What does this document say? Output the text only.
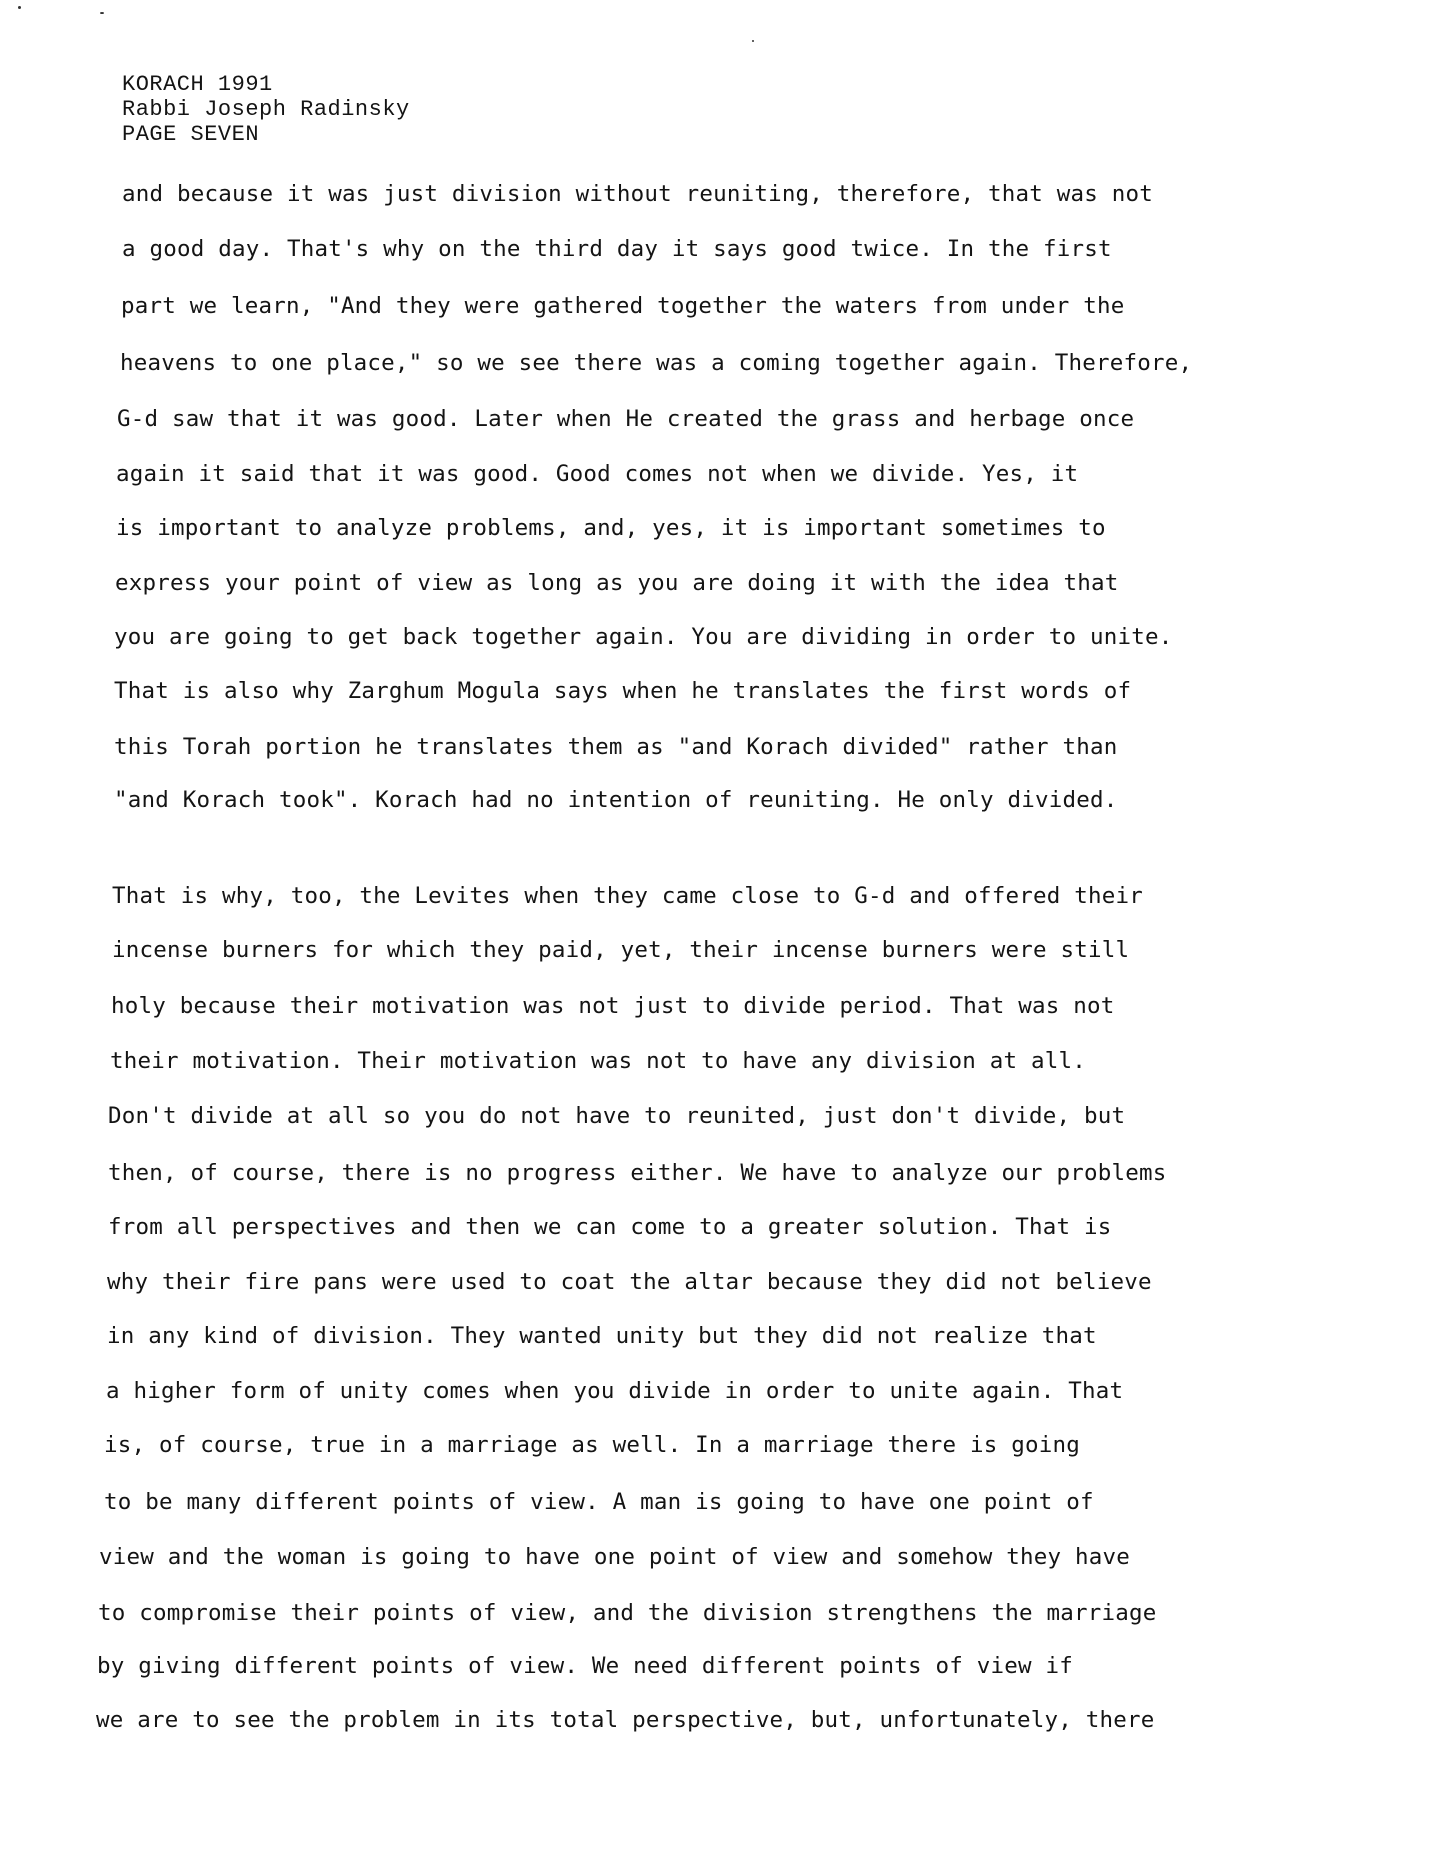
KORACH 1991
Rabbi Joseph Radinsky
PAGE SEVEN
and because it was just division without reuniting, therefore, that was not
a good day. That's why on the third day it says good twice. In the first
part we learn, "And they were gathered together the waters from under the
heavens to one place," so we see there was a coming together again. Therefore,
G-d saw that it was good. Later when He created the grass and herbage once
again it said that it was good. Good comes not when we divide. Yes, it
is important to analyze problems, and, yes, it is important sometimes to
express your point of view as long as you are doing it with the idea that
you are going to get back together again. You are dividing in order to unite.
That is also why Zarghum Mogula says when he translates the first words of
this Torah portion he translates them as "and Korach divided" rather than
"and Korach took". Korach had no intention of reuniting. He only divided.
That is why, too, the Levites when they came close to G-d and offered their
incense burners for which they paid, yet, their incense burners were still
holy because their motivation was not just to divide period. That was not
their motivation. Their motivation was not to have any division at all.
Don't divide at all so you do not have to reunited, just don't divide, but
then, of course, there is no progress either. We have to analyze our problems
from all perspectives and then we can come to a greater solution. That is
why their fire pans were used to coat the altar because they did not believe
in any kind of division. They wanted unity but they did not realize that
a higher form of unity comes when you divide in order to unite again. That
is, of course, true in a marriage as well. In a marriage there is going
to be many different points of view. A man is going to have one point of
view and the woman is going to have one point of view and somehow they have
to compromise their points of view, and the division strengthens the marriage
by giving different points of view. We need different points of view if
we are to see the problem in its total perspective, but, unfortunately, there
